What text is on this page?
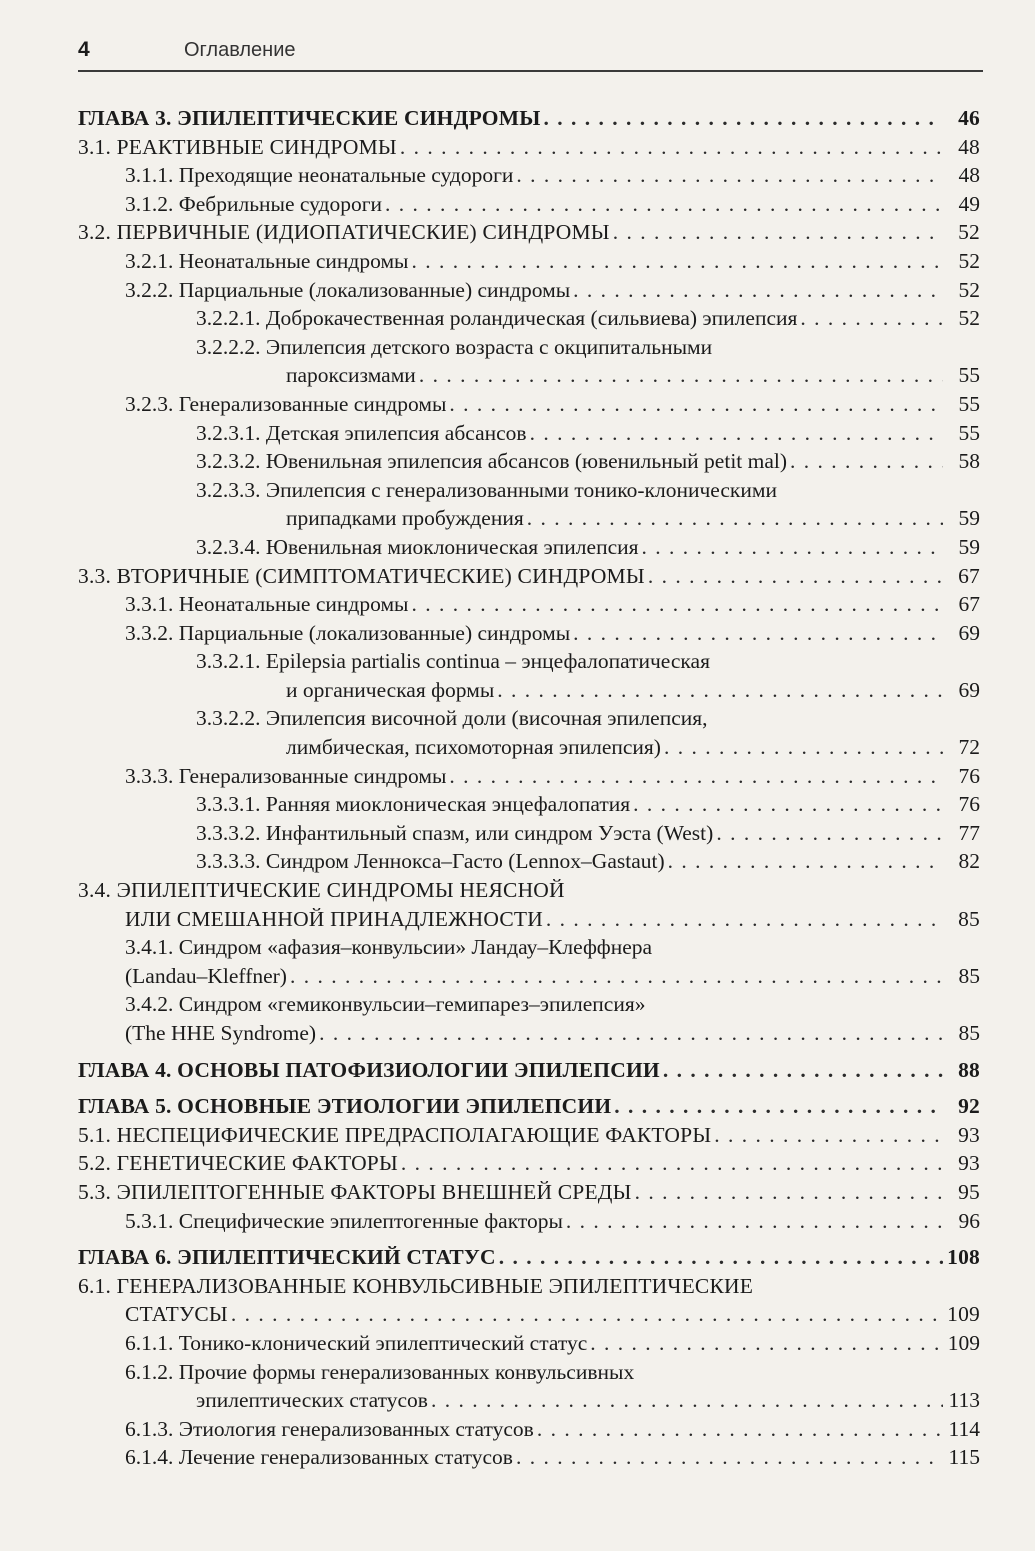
4	Оглавление
ГЛАВА 3. ЭПИЛЕПТИЧЕСКИЕ СИНДРОМЫ . . .	46
3.1. РЕАКТИВНЫЕ СИНДРОМЫ . . .	48
3.1.1. Преходящие неонатальные судороги . . .	48
3.1.2. Фебрильные судороги . . .	49
3.2. ПЕРВИЧНЫЕ (ИДИОПАТИЧЕСКИЕ) СИНДРОМЫ . . .	52
3.2.1. Неонатальные синдромы . . .	52
3.2.2. Парциальные (локализованные) синдромы . . .	52
3.2.2.1. Доброкачественная роландическая (сильвиева) эпилепсия . . .	52
3.2.2.2. Эпилепсия детского возраста с окципитальными
пароксизмами . . .	55
3.2.3. Генерализованные синдромы . . .	55
3.2.3.1. Детская эпилепсия абсансов . . .	55
3.2.3.2. Ювенильная эпилепсия абсансов (ювенильный petit mal) . . .	58
3.2.3.3. Эпилепсия с генерализованными тонико-клоническими
припадками пробуждения . . .	59
3.2.3.4. Ювенильная миоклоническая эпилепсия . . .	59
3.3. ВТОРИЧНЫЕ (СИМПТОМАТИЧЕСКИЕ) СИНДРОМЫ . . .	67
3.3.1. Неонатальные синдромы . . .	67
3.3.2. Парциальные (локализованные) синдромы . . .	69
3.3.2.1. Epilepsia partialis continua – энцефалопатическая
и органическая формы . . .	69
3.3.2.2. Эпилепсия височной доли (височная эпилепсия,
лимбическая, психомоторная эпилепсия) . . .	72
3.3.3. Генерализованные синдромы . . .	76
3.3.3.1. Ранняя миоклоническая энцефалопатия . . .	76
3.3.3.2. Инфантильный спазм, или синдром Уэста (West) . . .	77
3.3.3.3. Синдром Леннокса–Гасто (Lennox–Gastaut) . . .	82
3.4. ЭПИЛЕПТИЧЕСКИЕ СИНДРОМЫ НЕЯСНОЙ
ИЛИ СМЕШАННОЙ ПРИНАДЛЕЖНОСТИ . . .	85
3.4.1. Синдром «афазия–конвульсии» Ландау–Клеффнера
(Landau–Kleffner) . . .	85
3.4.2. Синдром «гемиконвульсии–гемипарез–эпилепсия»
(The HHE Syndrome) . . .	85
ГЛАВА 4. ОСНОВЫ ПАТОФИЗИОЛОГИИ ЭПИЛЕПСИИ . . .	88
ГЛАВА 5. ОСНОВНЫЕ ЭТИОЛОГИИ ЭПИЛЕПСИИ . . .	92
5.1. НЕСПЕЦИФИЧЕСКИЕ ПРЕДРАСПОЛАГАЮЩИЕ ФАКТОРЫ . . .	93
5.2. ГЕНЕТИЧЕСКИЕ ФАКТОРЫ . . .	93
5.3. ЭПИЛЕПТОГЕННЫЕ ФАКТОРЫ ВНЕШНЕЙ СРЕДЫ . . .	95
5.3.1. Специфические эпилептогенные факторы . . .	96
ГЛАВА 6. ЭПИЛЕПТИЧЕСКИЙ СТАТУС . . .	108
6.1. ГЕНЕРАЛИЗОВАННЫЕ КОНВУЛЬСИВНЫЕ ЭПИЛЕПТИЧЕСКИЕ
СТАТУСЫ . . .	109
6.1.1. Тонико-клонический эпилептический статус . . .	109
6.1.2. Прочие формы генерализованных конвульсивных
эпилептических статусов . . .	113
6.1.3. Этиология генерализованных статусов . . .	114
6.1.4. Лечение генерализованных статусов . . .	115
